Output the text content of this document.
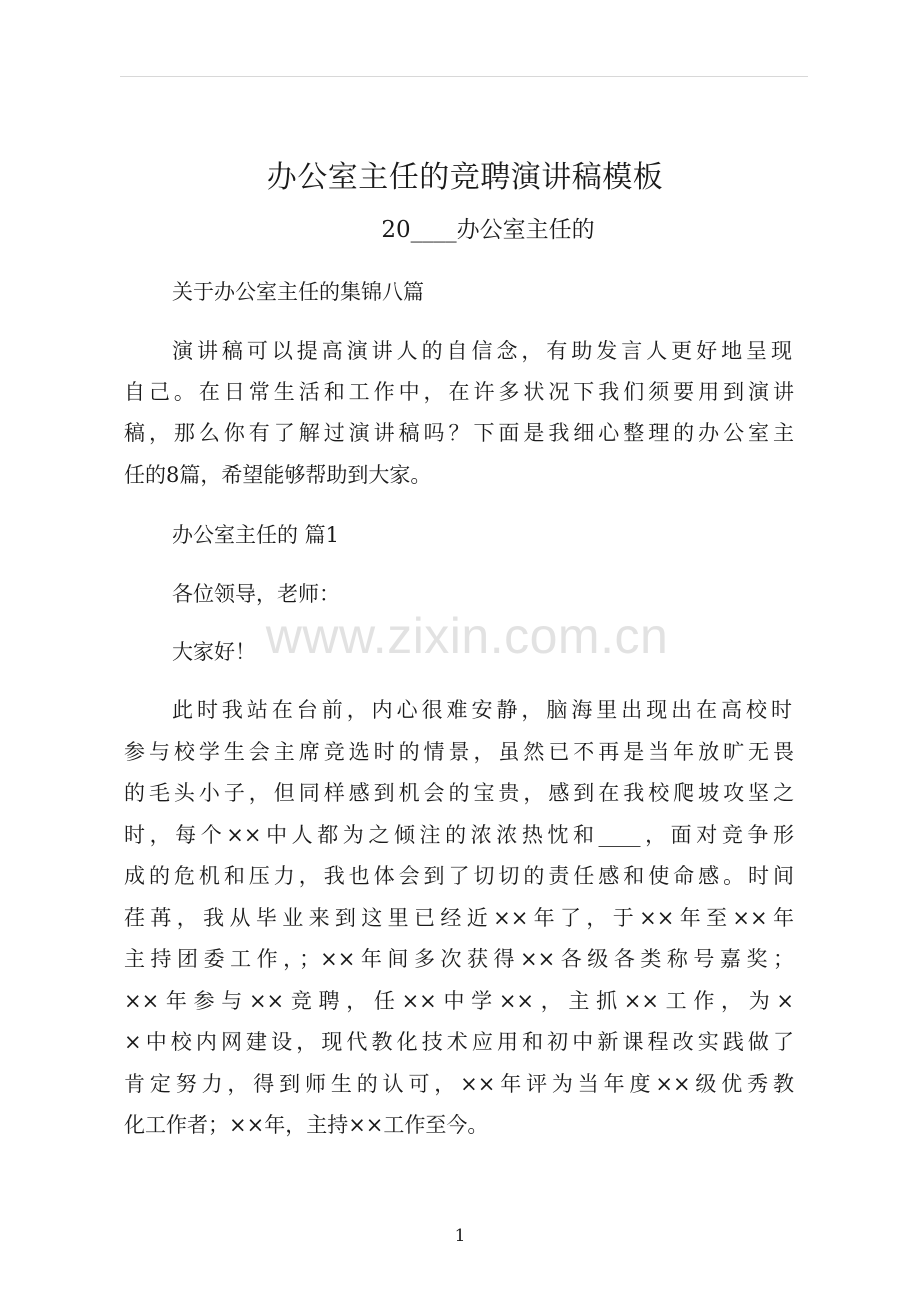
办公室主任的竞聘演讲稿模板
20____办公室主任的
关于办公室主任的集锦八篇
演讲稿可以提高演讲人的自信念，有助发言人更好地呈现
自己。在日常生活和工作中，在许多状况下我们须要用到演讲
稿，那么你有了解过演讲稿吗？下面是我细心整理的办公室主
任的8篇，希望能够帮助到大家。
办公室主任的 篇1
各位领导，老师：
大家好！
此时我站在台前，内心很难安静，脑海里出现出在高校时
参与校学生会主席竞选时的情景，虽然已不再是当年放旷无畏
的毛头小子，但同样感到机会的宝贵，感到在我校爬坡攻坚之
时，每个××中人都为之倾注的浓浓热忱和____，面对竞争形
成的危机和压力，我也体会到了切切的责任感和使命感。时间
荏苒，我从毕业来到这里已经近××年了，于××年至××年
主持团委工作，；××年间多次获得××各级各类称号嘉奖；
××年参与××竞聘，任××中学××，主抓××工作，为×
×中校内网建设，现代教化技术应用和初中新课程改实践做了
肯定努力，得到师生的认可，××年评为当年度××级优秀教
化工作者；××年，主持××工作至今。
www.zixin.com.cn
1
